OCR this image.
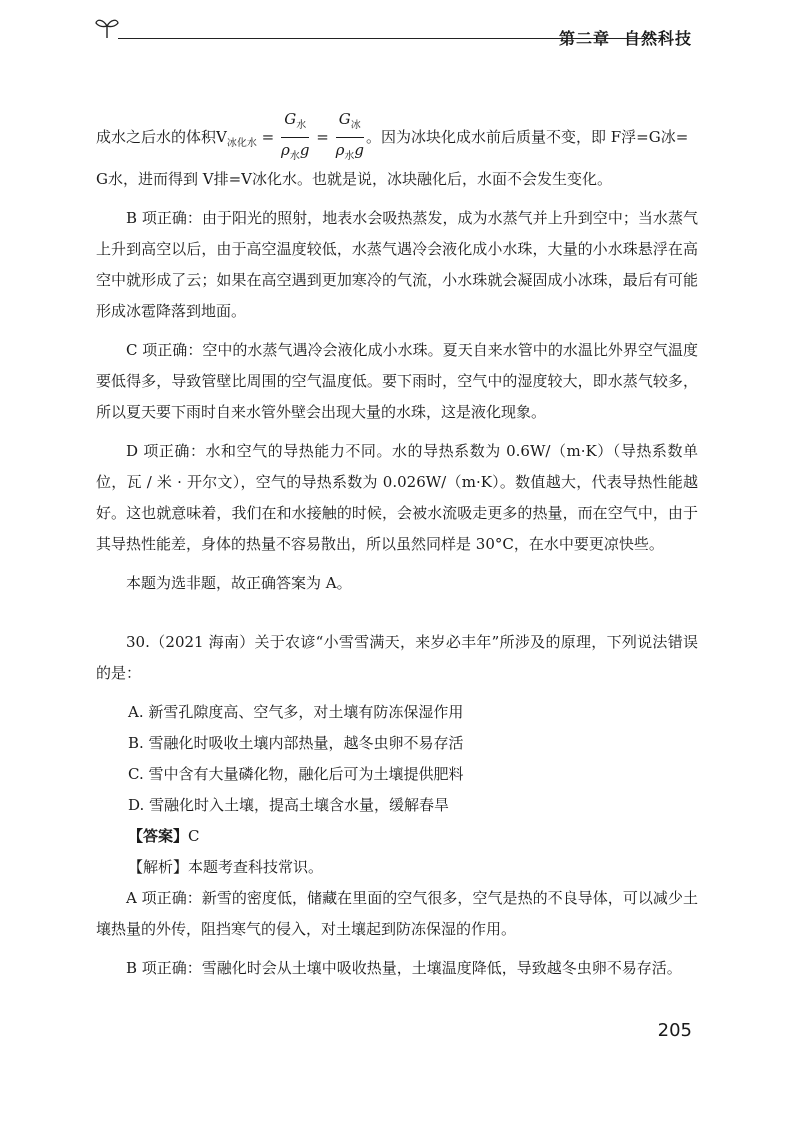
第二章 自然科技
成水之后水的体积$V_{冰化水} = \frac{G_水}{\rho_水g} = \frac{G_冰}{\rho_水g}$ 。因为冰块化成水前后质量不变，即 F浮=G冰=

G水，进而得到 V排=V冰化水。也就是说，冰块融化后，水面不会发生变化。

B 项正确：由于阳光的照射，地表水会吸热蒸发，成为水蒸气并上升到空中；当水蒸气上升到高空以后，由于高空温度较低，水蒸气遇冷会液化成小水珠，大量的小水珠悬浮在高空中就形成了云；如果在高空遇到更加寒冷的气流，小水珠就会凝固成小冰珠，最后有可能形成冰雹降落到地面。

C 项正确：空中的水蒸气遇冷会液化成小水珠。夏天自来水管中的水温比外界空气温度要低得多，导致管壁比周围的空气温度低。要下雨时，空气中的湿度较大，即水蒸气较多，所以夏天要下雨时自来水管外壁会出现大量的水珠，这是液化现象。

D 项正确：水和空气的导热能力不同。水的导热系数为 0.6W/（m·K）（导热系数单位，瓦 / 米 · 开尔文），空气的导热系数为 0.026W/（m·K）。数值越大，代表导热性能越好。这也就意味着，我们在和水接触的时候，会被水流吸走更多的热量，而在空气中，由于其导热性能差，身体的热量不容易散出，所以虽然同样是 30°C，在水中要更凉快些。

本题为选非题，故正确答案为 A。

30.（2021 海南）关于农谚“小雪雪满天，来岁必丰年”所涉及的原理，下列说法错误的是：

A. 新雪孔隙度高、空气多，对土壤有防冻保湿作用

B. 雪融化时吸收土壤内部热量，越冬虫卵不易存活

C. 雪中含有大量磷化物，融化后可为土壤提供肥料

D. 雪融化时入土壤，提高土壤含水量，缓解春旱

【答案】C

【解析】本题考查科技常识。

A 项正确：新雪的密度低，储藏在里面的空气很多，空气是热的不良导体，可以减少土壤热量的外传，阻挡寒气的侵入，对土壤起到防冻保湿的作用。

B 项正确：雪融化时会从土壤中吸收热量，土壤温度降低，导致越冬虫卵不易存活。

205
